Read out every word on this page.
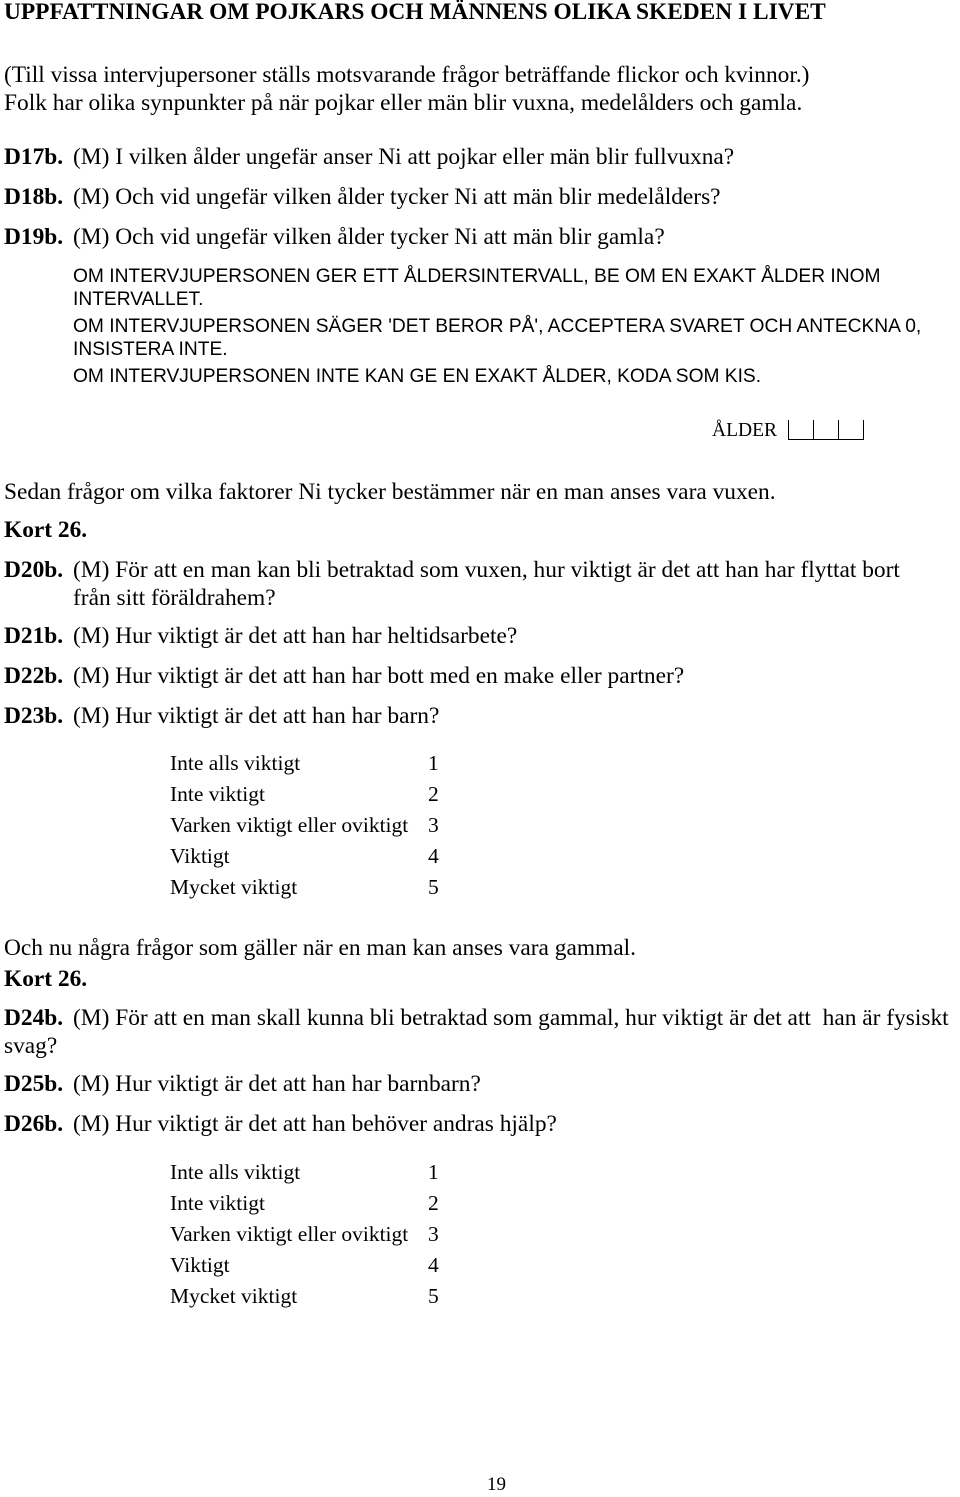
UPPFATTNINGAR OM POJKARS OCH MÄNNENS OLIKA SKEDEN I LIVET
(Till vissa intervjupersoner ställs motsvarande frågor beträffande flickor och kvinnor.)
Folk har olika synpunkter på när pojkar eller män blir vuxna, medelålders och gamla.
D17b. (M) I vilken ålder ungefär anser Ni att pojkar eller män blir fullvuxna?
D18b. (M) Och vid ungefär vilken ålder tycker Ni att män blir medelålders?
D19b. (M) Och vid ungefär vilken ålder tycker Ni att män blir gamla?
OM INTERVJUPERSONEN GER ETT ÅLDERSINTERVALL, BE OM EN EXAKT ÅLDER INOM
INTERVALLET.
OM INTERVJUPERSONEN SÄGER 'DET BEROR PÅ', ACCEPTERA SVARET OCH ANTECKNA 0,
INSISTERA INTE.
OM INTERVJUPERSONEN INTE KAN GE EN EXAKT ÅLDER, KODA SOM KIS.
ÅLDER
Sedan frågor om vilka faktorer Ni tycker bestämmer när en man anses vara vuxen.
Kort 26.
D20b. (M) För att en man kan bli betraktad som vuxen, hur viktigt är det att han har flyttat bort
från sitt föräldrahem?
D21b. (M) Hur viktigt är det att han har heltidsarbete?
D22b. (M) Hur viktigt är det att han har bott med en make eller partner?
D23b. (M) Hur viktigt är det att han har barn?
Inte alls viktigt	1
Inte viktigt	2
Varken viktigt eller oviktigt 3
Viktigt	4
Mycket viktigt	5
Och nu några frågor som gäller när en man kan anses vara gammal.
Kort 26.
D24b. (M) För att en man skall kunna bli betraktad som gammal, hur viktigt är det att  han är fysiskt
svag?
D25b. (M) Hur viktigt är det att han har barnbarn?
D26b. (M) Hur viktigt är det att han behöver andras hjälp?
Inte alls viktigt	1
Inte viktigt	2
Varken viktigt eller oviktigt 3
Viktigt	4
Mycket viktigt	5
19
